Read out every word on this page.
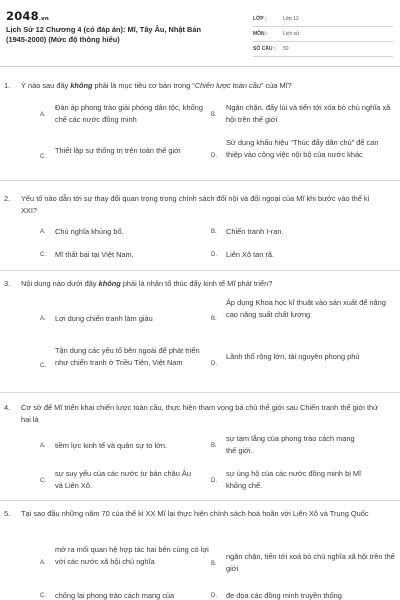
2048.vn
Lịch Sử 12 Chương 4 (có đáp án): Mĩ, Tây Âu, Nhật Bản (1945-2000) (Mức độ thông hiểu)
LỚP :	Lớp 12
MÔN :	Lịch sử
SỐ CÂU :	50
1. Ý nào sau đây không phải là mục tiêu cơ bản trong “Chiến lược toàn cầu” của Mĩ?
A.
Đàn áp phong trào giải phóng dân tộc, khống chế các nước đồng minh	B.
Ngăn chặn, đẩy lùi và tiến tới xóa bỏ chủ nghĩa xã hội trên thế giới
C.
Thiết lập sự thống trị trên toàn thế giới
D.
Sử dụng khẩu hiệu “Thúc đẩy dân chủ” để can thiệp vào công việc nội bộ của nước khác
2. Yếu tố nào dẫn tới sự thay đổi quan trọng trong chính sách đối nội và đối ngoại của Mĩ khi bước vào thế kỉ XXI?
A. Chủ nghĩa khủng bố.	B. Chiến tranh I-ran.
C. Mĩ thất bại tại Việt Nam.	D. Liên Xô tan rã.
3. Nội dung nào dưới đây không phải là nhân tố thúc đẩy kinh tế Mĩ phát triển?
A. Lợi dụng chiến tranh làm giàu	B.
Áp dụng Khoa học kĩ thuật vào sản xuất để nâng cao năng suất chất lượng
C.
Tận dụng các yếu tố bên ngoài để phát triển như chiến tranh ở Triều Tiên, Việt Nam	D.
Lãnh thổ rộng lớn, tài nguyên phong phú
4. Cơ sở để Mĩ triển khai chiến lược toàn cầu, thực hiện tham vọng bá chủ thế giới sau Chiến tranh thế giới thứ hai là
A. tiềm lực kinh tế và quân sự to lớn.	B.
sự tạm lắng của phong trào cách mạng thế giới.
C.
sự suy yếu của các nước tư bản châu Âu và Liên Xô.	D.
sự ủng hộ của các nước đồng minh bị Mĩ khống chế.
5. Tại sao đầu những năm 70 của thế kỉ XX Mĩ lại thực hiện chính sách hoà hoãn với Liên Xô và Trung Quốc
A.
mở ra mối quan hệ hợp tác hai bên cùng có lợi với các nước xã hội chủ nghĩa	B.
ngăn chặn, tiến tới xoá bỏ chủ nghĩa xã hội trên thế giới
C. chống lại phong trào cách mạng của	D. đe dọa các đồng minh truyền thống
